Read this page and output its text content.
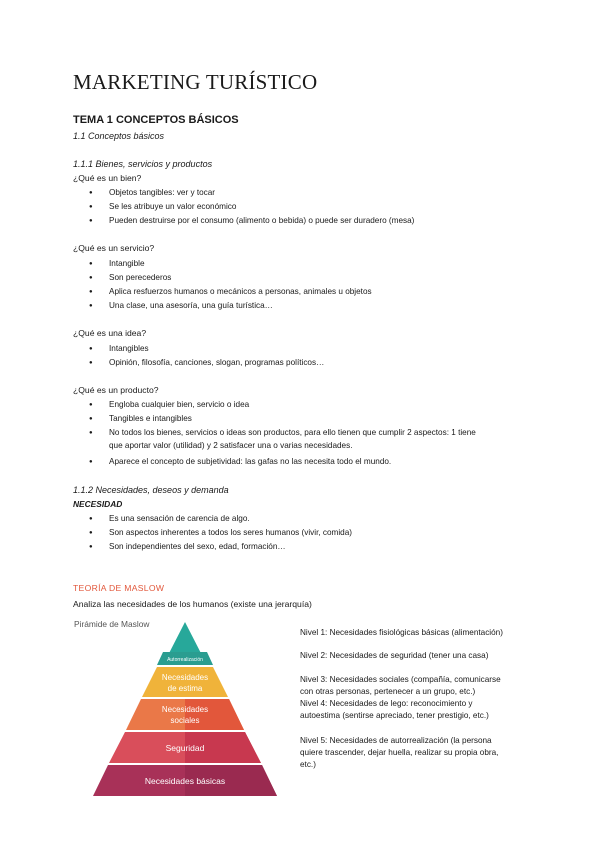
MARKETING TURÍSTICO
TEMA 1 CONCEPTOS BÁSICOS
1.1 Conceptos básicos
1.1.1 Bienes, servicios y productos
¿Qué es un bien?
● Objetos tangibles: ver y tocar
● Se les atribuye un valor económico
● Pueden destruirse por el consumo (alimento o bebida) o puede ser duradero (mesa)
¿Qué es un servicio?
● Intangible
● Son perecederos
● Aplica resfuerzos humanos o mecánicos a personas, animales u objetos
● Una clase, una asesoría, una guía turística…
¿Qué es una idea?
● Intangibles
● Opinión, filosofía, canciones, slogan, programas políticos…
¿Qué es un producto?
● Engloba cualquier bien, servicio o idea
● Tangibles e intangibles
● No todos los bienes, servicios o ideas son productos, para ello tienen que cumplir 2 aspectos: 1 tiene
que aportar valor (utilidad) y 2 satisfacer una o varias necesidades.
● Aparece el concepto de subjetividad: las gafas no las necesita todo el mundo.
1.1.2 Necesidades, deseos y demanda
NECESIDAD
● Es una sensación de carencia de algo.
● Son aspectos inherentes a todos los seres humanos (vivir, comida)
● Son independientes del sexo, edad, formación…
TEORÍA DE MASLOW
Analiza las necesidades de los humanos (existe una jerarquía)
Pirámide de Maslow
Autorrealización
Necesidades
de estima
Necesidades
sociales
Seguridad
Necesidades básicas
Nivel 1: Necesidades fisiológicas básicas (alimentación)
Nivel 2: Necesidades de seguridad (tener una casa)
Nivel 3: Necesidades sociales (compañía, comunicarse
con otras personas, pertenecer a un grupo, etc.)
Nivel 4: Necesidades de lego: reconocimiento y
autoestima (sentirse apreciado, tener prestigio, etc.)
Nivel 5: Necesidades de autorrealización (la persona
quiere trascender, dejar huella, realizar su propia obra,
etc.)
